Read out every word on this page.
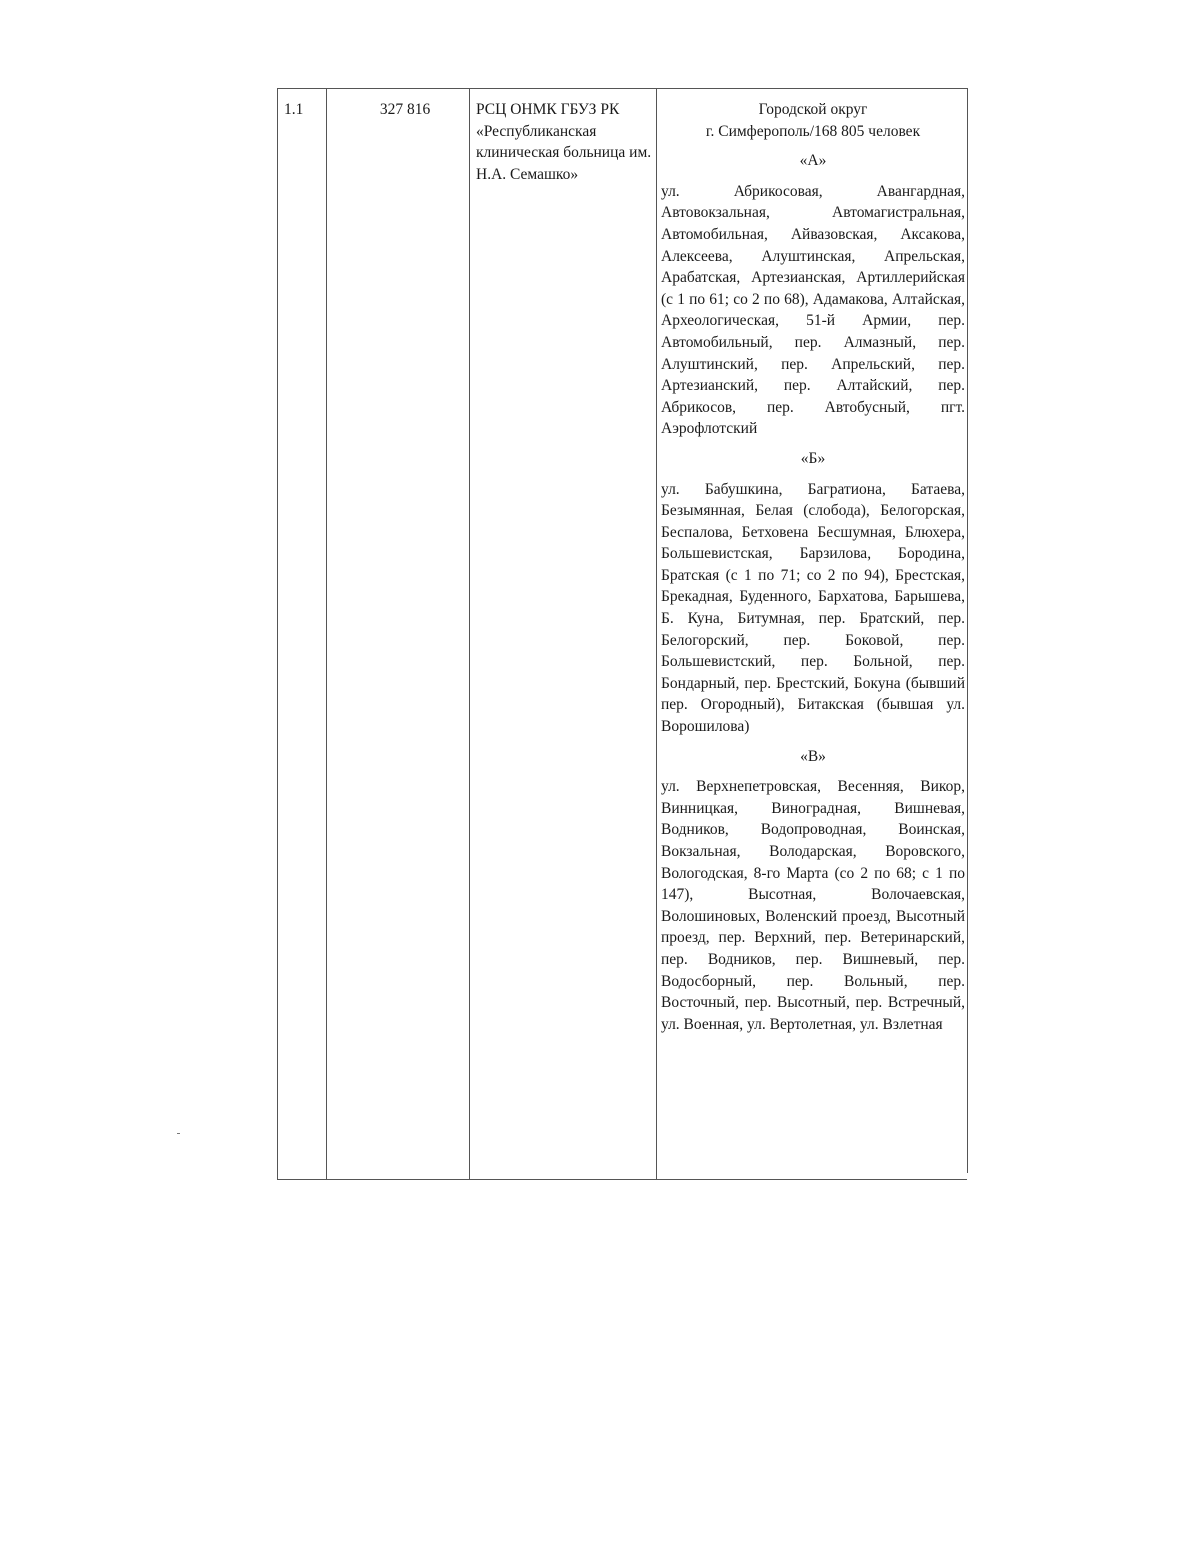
1.1	327 816	РСЦ ОНМК ГБУЗ РК
«Республиканская клиническая больница им. Н.А. Семашко»
Городской округ
г. Симферополь/168 805 человек
«А»
ул. Абрикосовая, Авангардная, Автовокзальная, Автомагистральная, Автомобильная, Айвазовская, Аксакова, Алексеева, Алуштинская, Апрельская, Арабатская, Артезианская, Артиллерийская (с 1 по 61; со 2 по 68), Адамакова, Алтайская, Археологическая, 51-й Армии, пер. Автомобильный, пер. Алмазный, пер. Алуштинский, пер. Апрельский, пер. Артезианский, пер. Алтайский, пер. Абрикосов, пер. Автобусный, пгт. Аэрофлотский
«Б»
ул. Бабушкина, Багратиона, Батаева, Безымянная, Белая (слобода), Белогорская, Беспалова, Бетховена Бесшумная, Блюхера, Большевистская, Барзилова, Бородина, Братская (с 1 по 71; со 2 по 94), Брестская, Брекадная, Буденного, Бархатова, Барышева, Б. Куна, Битумная, пер. Братский, пер. Белогорский, пер. Боковой, пер. Большевистский, пер. Больной, пер. Бондарный, пер. Брестский, Бокуна (бывший пер. Огородный), Битакская (бывшая ул. Ворошилова)
«В»
ул. Верхнепетровская, Весенняя, Викор, Винницкая, Виноградная, Вишневая, Водников, Водопроводная, Воинская, Вокзальная, Володарская, Воровского, Вологодская, 8-го Марта (со 2 по 68; с 1 по 147), Высотная, Волочаевская, Волошиновых, Воленский проезд, Высотный проезд, пер. Верхний, пер. Ветеринарский, пер. Водников, пер. Вишневый, пер. Водосборный, пер. Вольный, пер. Восточный, пер. Высотный, пер. Встречный, ул. Военная, ул. Вертолетная, ул. Взлетная
